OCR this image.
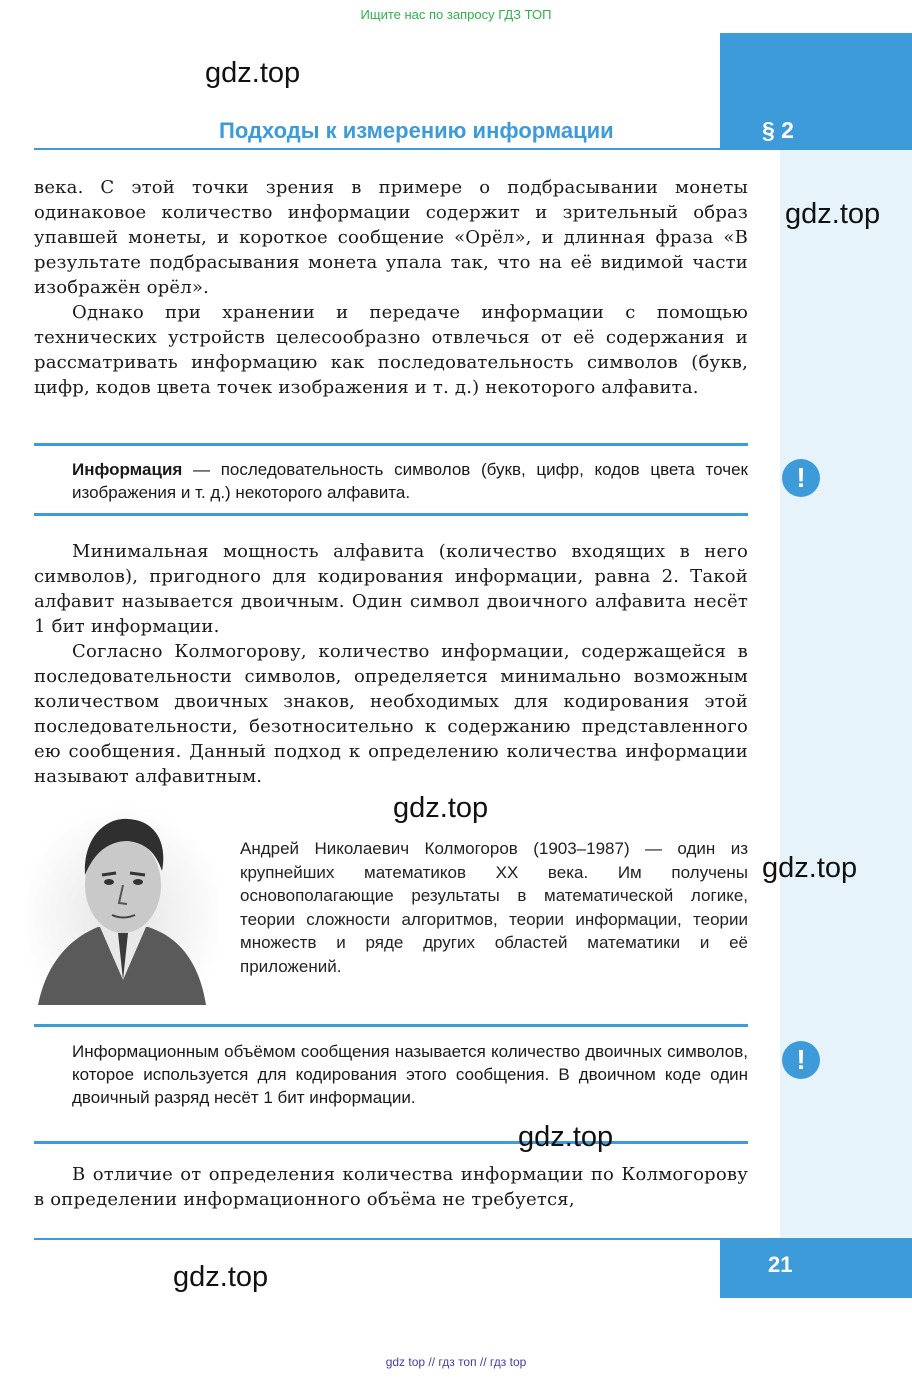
Ищите нас по запросу ГДЗ ТОП
§ 2
Подходы к измерению информации
gdz.top
gdz.top

века. С этой точки зрения в примере о подбрасывании монеты одинаковое количество информации содержит и зрительный образ упавшей монеты, и короткое сообщение «Орёл», и длинная фраза «В результате подбрасывания монета упала так, что на её видимой части изображён орёл».

Однако при хранении и передаче информации с помощью технических устройств целесообразно отвлечься от её содержания и рассматривать информацию как последовательность символов (букв, цифр, кодов цвета точек изображения и т. д.) некоторого алфавита.

Информация — последовательность символов (букв, цифр, кодов цвета точек изображения и т. д.) некоторого алфавита.	!

Минимальная мощность алфавита (количество входящих в него символов), пригодного для кодирования информации, равна 2. Такой алфавит называется двоичным. Один символ двоичного алфавита несёт 1 бит информации.

Согласно Колмогорову, количество информации, содержащейся в последовательности символов, определяется минимально возможным количеством двоичных знаков, необходимых для кодирования этой последовательности, безотносительно к содержанию представленного ею сообщения. Данный подход к определению количества информации называют алфавитным.

gdz.top
Андрей Николаевич Колмогоров (1903–1987) — один из крупнейших математиков XX века. Им получены основополагающие результаты в математической логике, теории сложности алгоритмов, теории информации, теории множеств и ряде других областей математики и её приложений.
gdz.top
Информационным объёмом сообщения называется количество двоичных символов, которое используется для кодирования этого сообщения. В двоичном коде один двоичный разряд несёт 1 бит информации.
!
gdz.top

В отличие от определения количества информации по Колмогорову в определении информационного объёма не требуется,

21
gdz.top
gdz top // гдз топ // гдз top
